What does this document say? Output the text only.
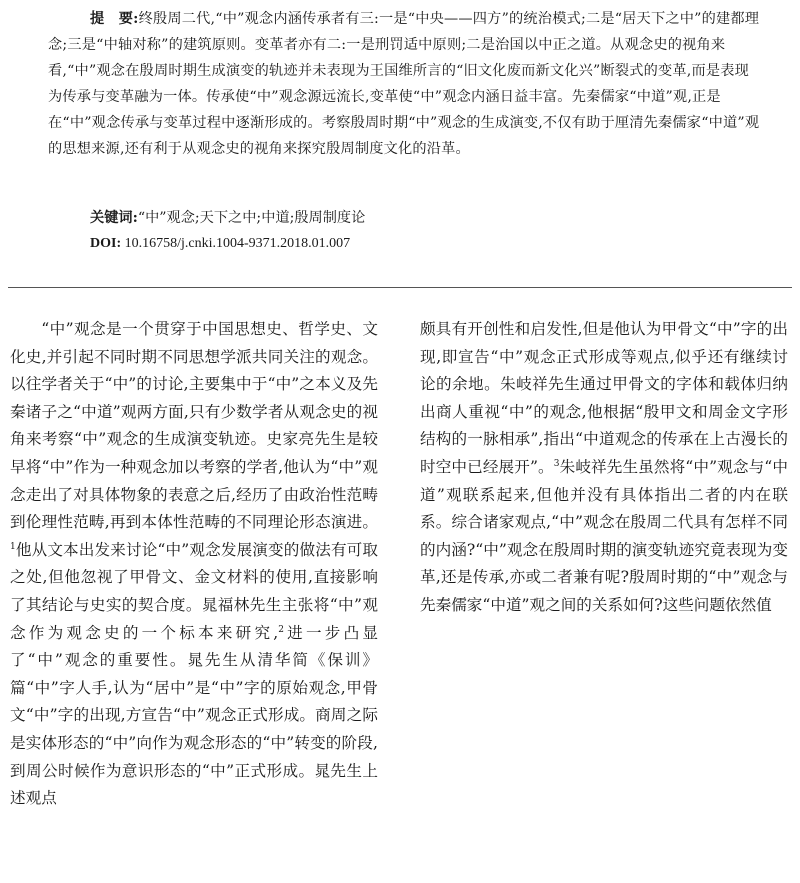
提　要:终殷周二代,“中”观念内涵传承者有三:一是“中央——四方”的统治模式;二是“居天下之中”的建都理念;三是“中轴对称”的建筑原则。变革者亦有二:一是刑罚适中原则;二是治国以中正之道。从观念史的视角来看,“中”观念在殷周时期生成演变的轨迹并未表现为王国维所言的“旧文化废而新文化兴”断裂式的变革,而是表现为传承与变革融为一体。传承使“中”观念源远流长,变革使“中”观念内涵日益丰富。先秦儒家“中道”观,正是在“中”观念传承与变革过程中逐渐形成的。考察殷周时期“中”观念的生成演变,不仅有助于厘清先秦儒家“中道”观的思想来源,还有利于从观念史的视角来探究殷周制度文化的沿革。
关键词:“中”观念;天下之中;中道;殷周制度论
DOI: 10.16758/j.cnki.1004-9371.2018.01.007

“中”观念是一个贯穿于中国思想史、哲学史、文化史,并引起不同时期不同思想学派共同关注的观念。以往学者关于“中”的讨论,主要集中于“中”之本义及先秦诸子之“中道”观两方面,只有少数学者从观念史的视角来考察“中”观念的生成演变轨迹。史家亮先生是较早将“中”作为一种观念加以考察的学者,他认为“中”观念走出了对具体物象的表意之后,经历了由政治性范畴到伦理性范畴,再到本体性范畴的不同理论形态演进。$^1$他从文本出发来讨论“中”观念发展演变的做法有可取之处,但他忽视了甲骨文、金文材料的使用,直接影响了其结论与史实的契合度。晁福林先生主张将“中”观念作为观念史的一个标本来研究,$^2$进一步凸显了“中”观念的重要性。晁先生从清华简《保训》篇“中”字人手,认为“居中”是“中”字的原始观念,甲骨文“中”字的出现,方宣告“中”观念正式形成。商周之际是实体形态的“中”向作为观念形态的“中”转变的阶段,到周公时候作为意识形态的“中”正式形成。晁先生上述观点

颇具有开创性和启发性,但是他认为甲骨文“中”字的出现,即宣告“中”观念正式形成等观点,似乎还有继续讨论的余地。朱岐祥先生通过甲骨文的字体和载体归纳出商人重视“中”的观念,他根据“殷甲文和周金文字形结构的一脉相承”,指出“中道观念的传承在上古漫长的时空中已经展开”。$^3$朱岐祥先生虽然将“中”观念与“中道”观联系起来,但他并没有具体指出二者的内在联系。综合诸家观点,“中”观念在殷周二代具有怎样不同的内涵?“中”观念在殷周时期的演变轨迹究竟表现为变革,还是传承,亦或二者兼有呢?殷周时期的“中”观念与先秦儒家“中道”观之间的关系如何?这些问题依然值
